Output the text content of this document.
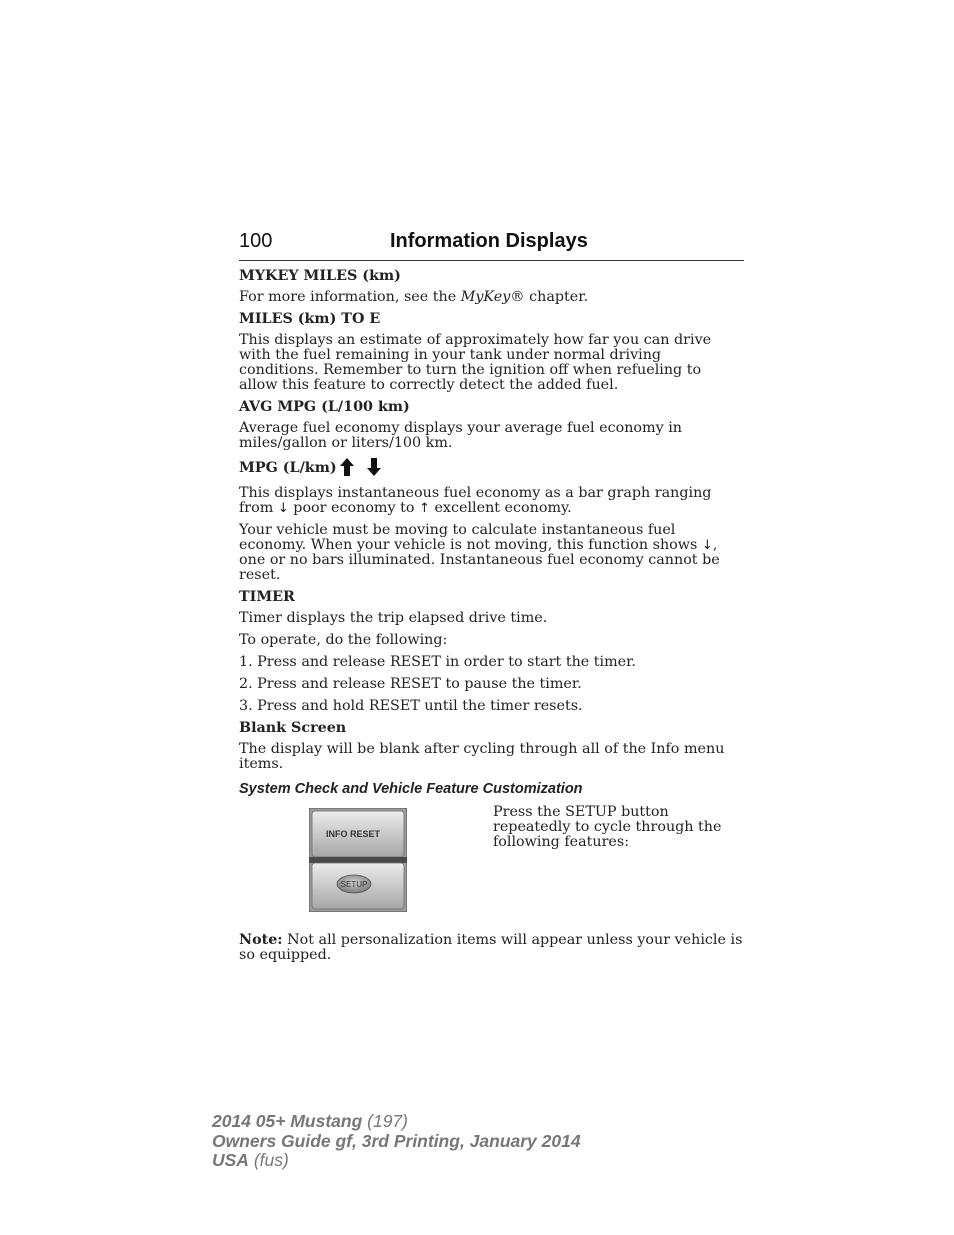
100	Information Displays
MYKEY MILES (km)

For more information, see the MyKey® chapter.

MILES (km) TO E

This displays an estimate of approximately how far you can drive with the fuel remaining in your tank under normal driving conditions. Remember to turn the ignition off when refueling to allow this feature to correctly detect the added fuel.

AVG MPG (L/100 km)

Average fuel economy displays your average fuel economy in miles/gallon or liters/100 km.

MPG (L/km)

This displays instantaneous fuel economy as a bar graph ranging from ↓ poor economy to ↑ excellent economy.

Your vehicle must be moving to calculate instantaneous fuel economy. When your vehicle is not moving, this function shows ↓, one or no bars illuminated. Instantaneous fuel economy cannot be reset.

TIMER

Timer displays the trip elapsed drive time.

To operate, do the following:

1. Press and release RESET in order to start the timer.

2. Press and release RESET to pause the timer.

3. Press and hold RESET until the timer resets.

Blank Screen

The display will be blank after cycling through all of the Info menu items.

System Check and Vehicle Feature Customization
INFO RESET
SETUP

Press the SETUP button repeatedly to cycle through the following features:

Note: Not all personalization items will appear unless your vehicle is so equipped.

2014 05+ Mustang (197)
Owners Guide gf, 3rd Printing, January 2014
USA (fus)
